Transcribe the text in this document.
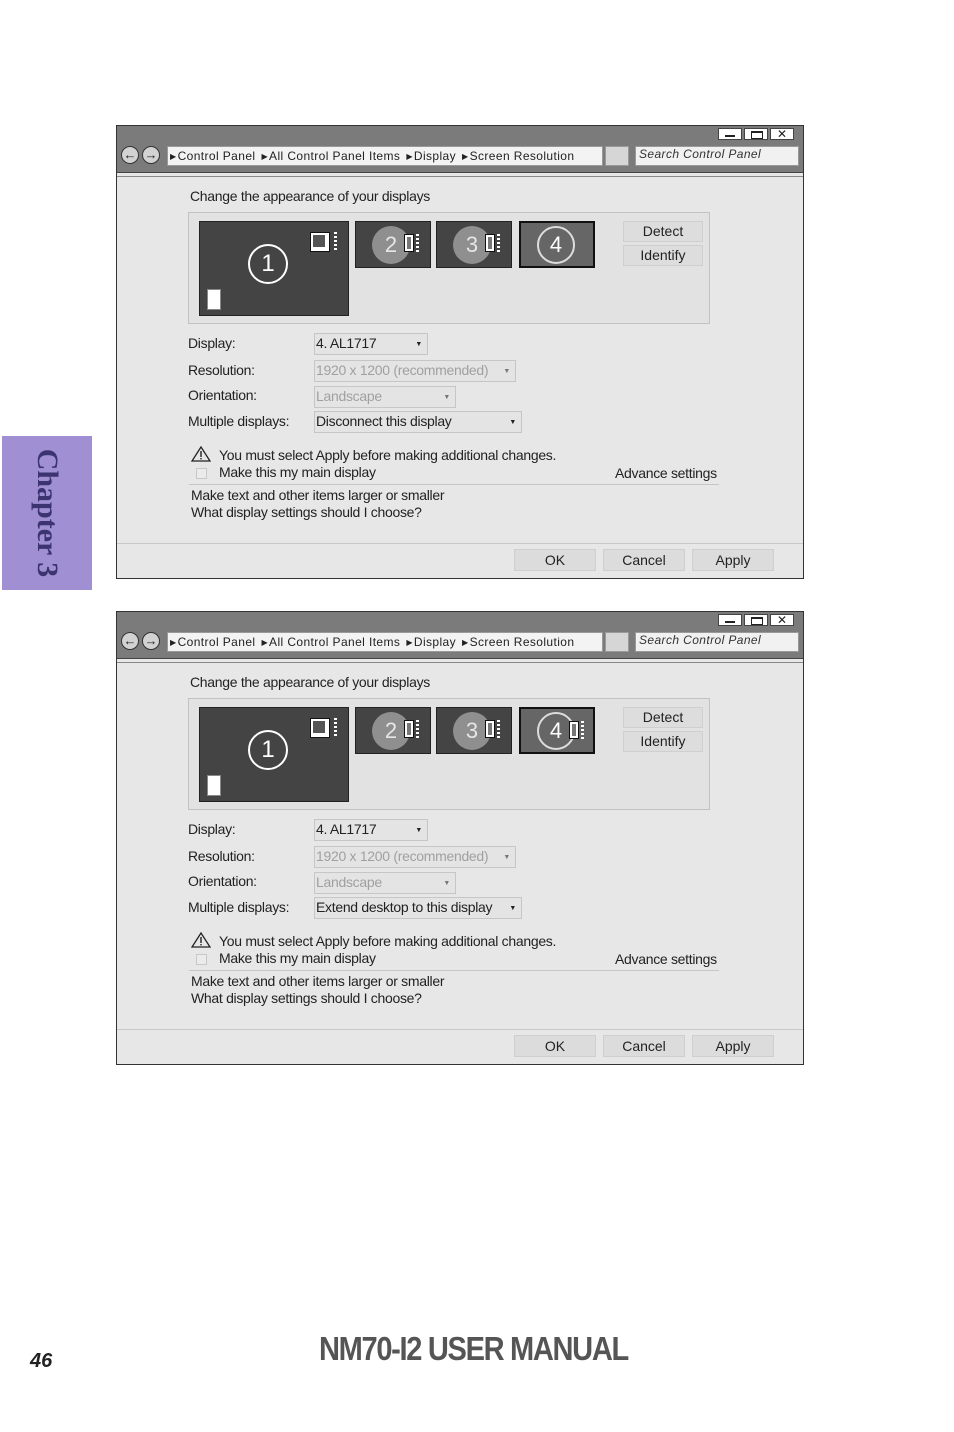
Chapter 3
✕
← →	▶Control Panel ▶All Control Panel Items ▶Display ▶Screen Resolution	Search Control Panel
Change the appearance of your displays
1
2	3	4
Detect
Identify
Display:	4. AL1717	▼
Resolution:	1920 x 1200 (recommended) ▼
Orientation:	Landscape	▼
Multiple displays: Disconnect this display	▼
You must select Apply before making additional changes.
Make this my main display	Advance settings
Make text and other items larger or smaller
What display settings should I choose?
OK	Cancel	Apply
✕
← →	▶Control Panel ▶All Control Panel Items ▶Display ▶Screen Resolution	Search Control Panel
Change the appearance of your displays
1
2	3	4
Detect
Identify
Display:	4. AL1717	▼
Resolution:	1920 x 1200 (recommended) ▼
Orientation:	Landscape	▼
Multiple displays: Extend desktop to this display ▼
You must select Apply before making additional changes.
Make this my main display	Advance settings
Make text and other items larger or smaller
What display settings should I choose?
OK	Cancel	Apply
46	NM70-I2 USER MANUAL
